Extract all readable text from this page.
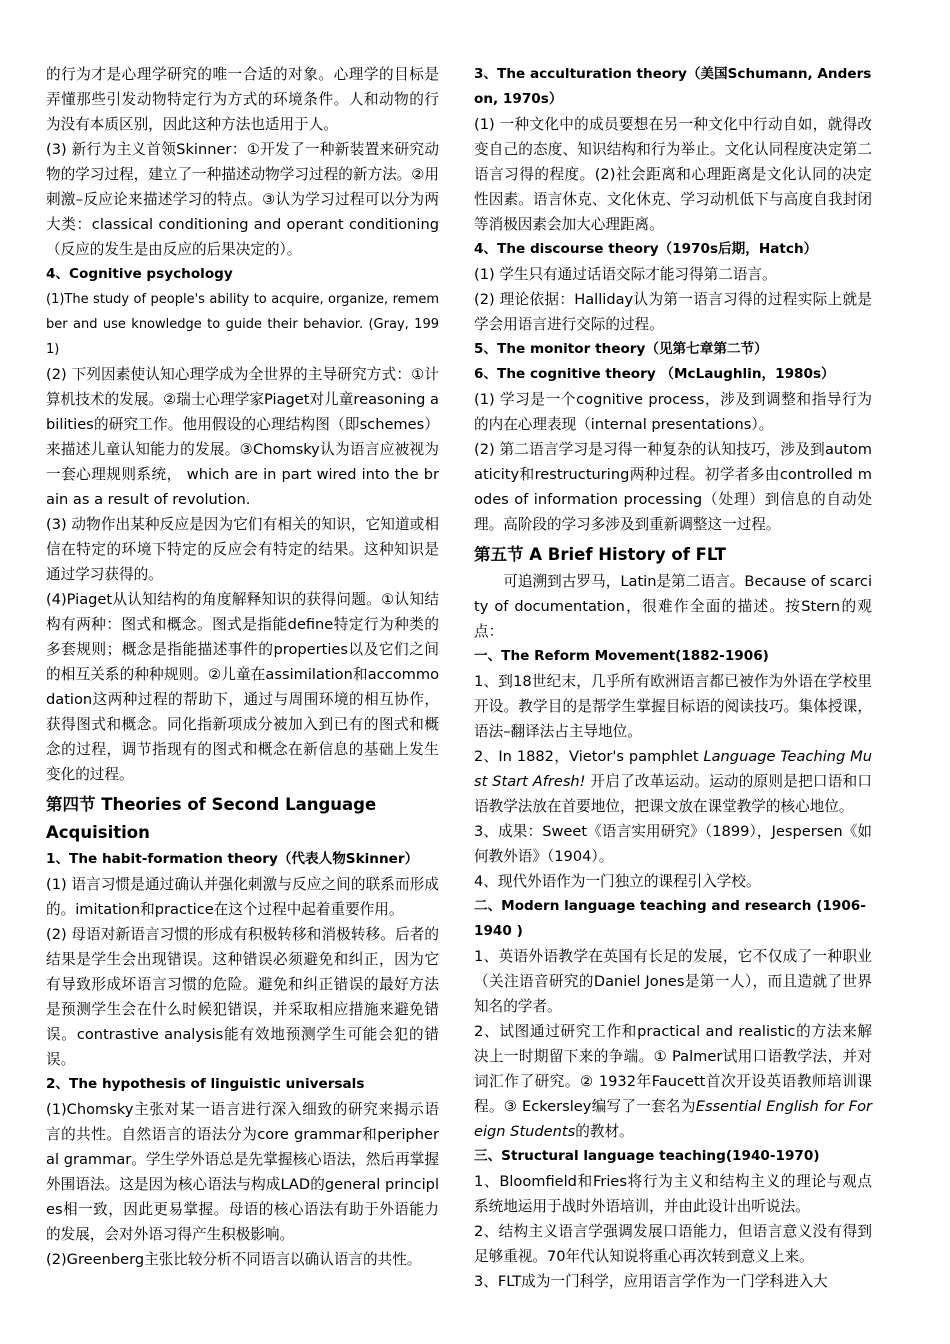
的行为才是心理学研究的唯一合适的对象。心理学的目标是弄懂那些引发动物特定行为方式的环境条件。人和动物的行为没有本质区别，因此这种方法也适用于人。

(3) 新行为主义首领Skinner：①开发了一种新装置来研究动物的学习过程，建立了一种描述动物学习过程的新方法。②用刺激–反应论来描述学习的特点。③认为学习过程可以分为两大类：classical conditioning and operant conditioning（反应的发生是由反应的后果决定的）。

4、Cognitive psychology

(1)The study of people's ability to acquire, organize, remember and use knowledge to guide their behavior. (Gray, 1991)

(2) 下列因素使认知心理学成为全世界的主导研究方式：①计算机技术的发展。②瑞士心理学家Piaget对儿童reasoning abilities的研究工作。他用假设的心理结构图（即schemes）来描述儿童认知能力的发展。③Chomsky认为语言应被视为一套心理规则系统， which are in part wired into the brain as a result of revolution.

(3) 动物作出某种反应是因为它们有相关的知识，它知道或相信在特定的环境下特定的反应会有特定的结果。这种知识是通过学习获得的。

(4)Piaget从认知结构的角度解释知识的获得问题。①认知结构有两种：图式和概念。图式是指能define特定行为种类的多套规则；概念是指能描述事件的properties以及它们之间的相互关系的种种规则。②儿童在assimilation和accommodation这两种过程的帮助下，通过与周围环境的相互协作，获得图式和概念。同化指新项成分被加入到已有的图式和概念的过程，调节指现有的图式和概念在新信息的基础上发生变化的过程。

第四节 Theories of Second Language Acquisition
1、The habit-formation theory（代表人物Skinner）

(1) 语言习惯是通过确认并强化刺激与反应之间的联系而形成的。imitation和practice在这个过程中起着重要作用。

(2) 母语对新语言习惯的形成有积极转移和消极转移。后者的结果是学生会出现错误。这种错误必须避免和纠正，因为它有导致形成坏语言习惯的危险。避免和纠正错误的最好方法是预测学生会在什么时候犯错误，并采取相应措施来避免错误。contrastive analysis能有效地预测学生可能会犯的错误。

2、The hypothesis of linguistic universals

(1)Chomsky主张对某一语言进行深入细致的研究来揭示语言的共性。自然语言的语法分为core grammar和peripheral grammar。学生学外语总是先掌握核心语法，然后再掌握外围语法。这是因为核心语法与构成LAD的general principles相一致，因此更易掌握。母语的核心语法有助于外语能力的发展，会对外语习得产生积极影响。

(2)Greenberg主张比较分析不同语言以确认语言的共性。

3、The acculturation theory（美国Schumann, Anderson, 1970s）

(1) 一种文化中的成员要想在另一种文化中行动自如，就得改变自己的态度、知识结构和行为举止。文化认同程度决定第二语言习得的程度。(2)社会距离和心理距离是文化认同的决定性因素。语言休克、文化休克、学习动机低下与高度自我封闭等消极因素会加大心理距离。

4、The discourse theory（1970s后期，Hatch）

(1) 学生只有通过话语交际才能习得第二语言。

(2) 理论依据：Halliday认为第一语言习得的过程实际上就是学会用语言进行交际的过程。

5、The monitor theory（见第七章第二节）
6、The cognitive theory （McLaughlin，1980s）

(1) 学习是一个cognitive process，涉及到调整和指导行为的内在心理表现（internal presentations）。

(2) 第二语言学习是习得一种复杂的认知技巧，涉及到automaticity和restructuring两种过程。初学者多由controlled modes of information processing（处理）到信息的自动处理。高阶段的学习多涉及到重新调整这一过程。

第五节 A Brief History of FLT

可追溯到古罗马，Latin是第二语言。Because of scarcity of documentation，很难作全面的描述。按Stern的观点：

一、The Reform Movement(1882-1906)

1、到18世纪末，几乎所有欧洲语言都已被作为外语在学校里开设。教学目的是帮学生掌握目标语的阅读技巧。集体授课，语法–翻译法占主导地位。

2、In 1882，Vietor's pamphlet Language Teaching Must Start Afresh! 开启了改革运动。运动的原则是把口语和口语教学法放在首要地位，把课文放在课堂教学的核心地位。

3、成果：Sweet《语言实用研究》（1899），Jespersen《如何教外语》（1904）。

4、现代外语作为一门独立的课程引入学校。

二、Modern language teaching and research (1906-1940 )

1、英语外语教学在英国有长足的发展，它不仅成了一种职业（关注语音研究的Daniel Jones是第一人），而且造就了世界知名的学者。

2、试图通过研究工作和practical and realistic的方法来解决上一时期留下来的争端。① Palmer试用口语教学法，并对词汇作了研究。② 1932年Faucett首次开设英语教师培训课程。③ Eckersley编写了一套名为Essential English for Foreign Students的教材。

三、Structural language teaching(1940-1970)

1、Bloomfield和Fries将行为主义和结构主义的理论与观点系统地运用于战时外语培训，并由此设计出听说法。

2、结构主义语言学强调发展口语能力，但语言意义没有得到足够重视。70年代认知说将重心再次转到意义上来。

3、FLT成为一门科学，应用语言学作为一门学科进入大
